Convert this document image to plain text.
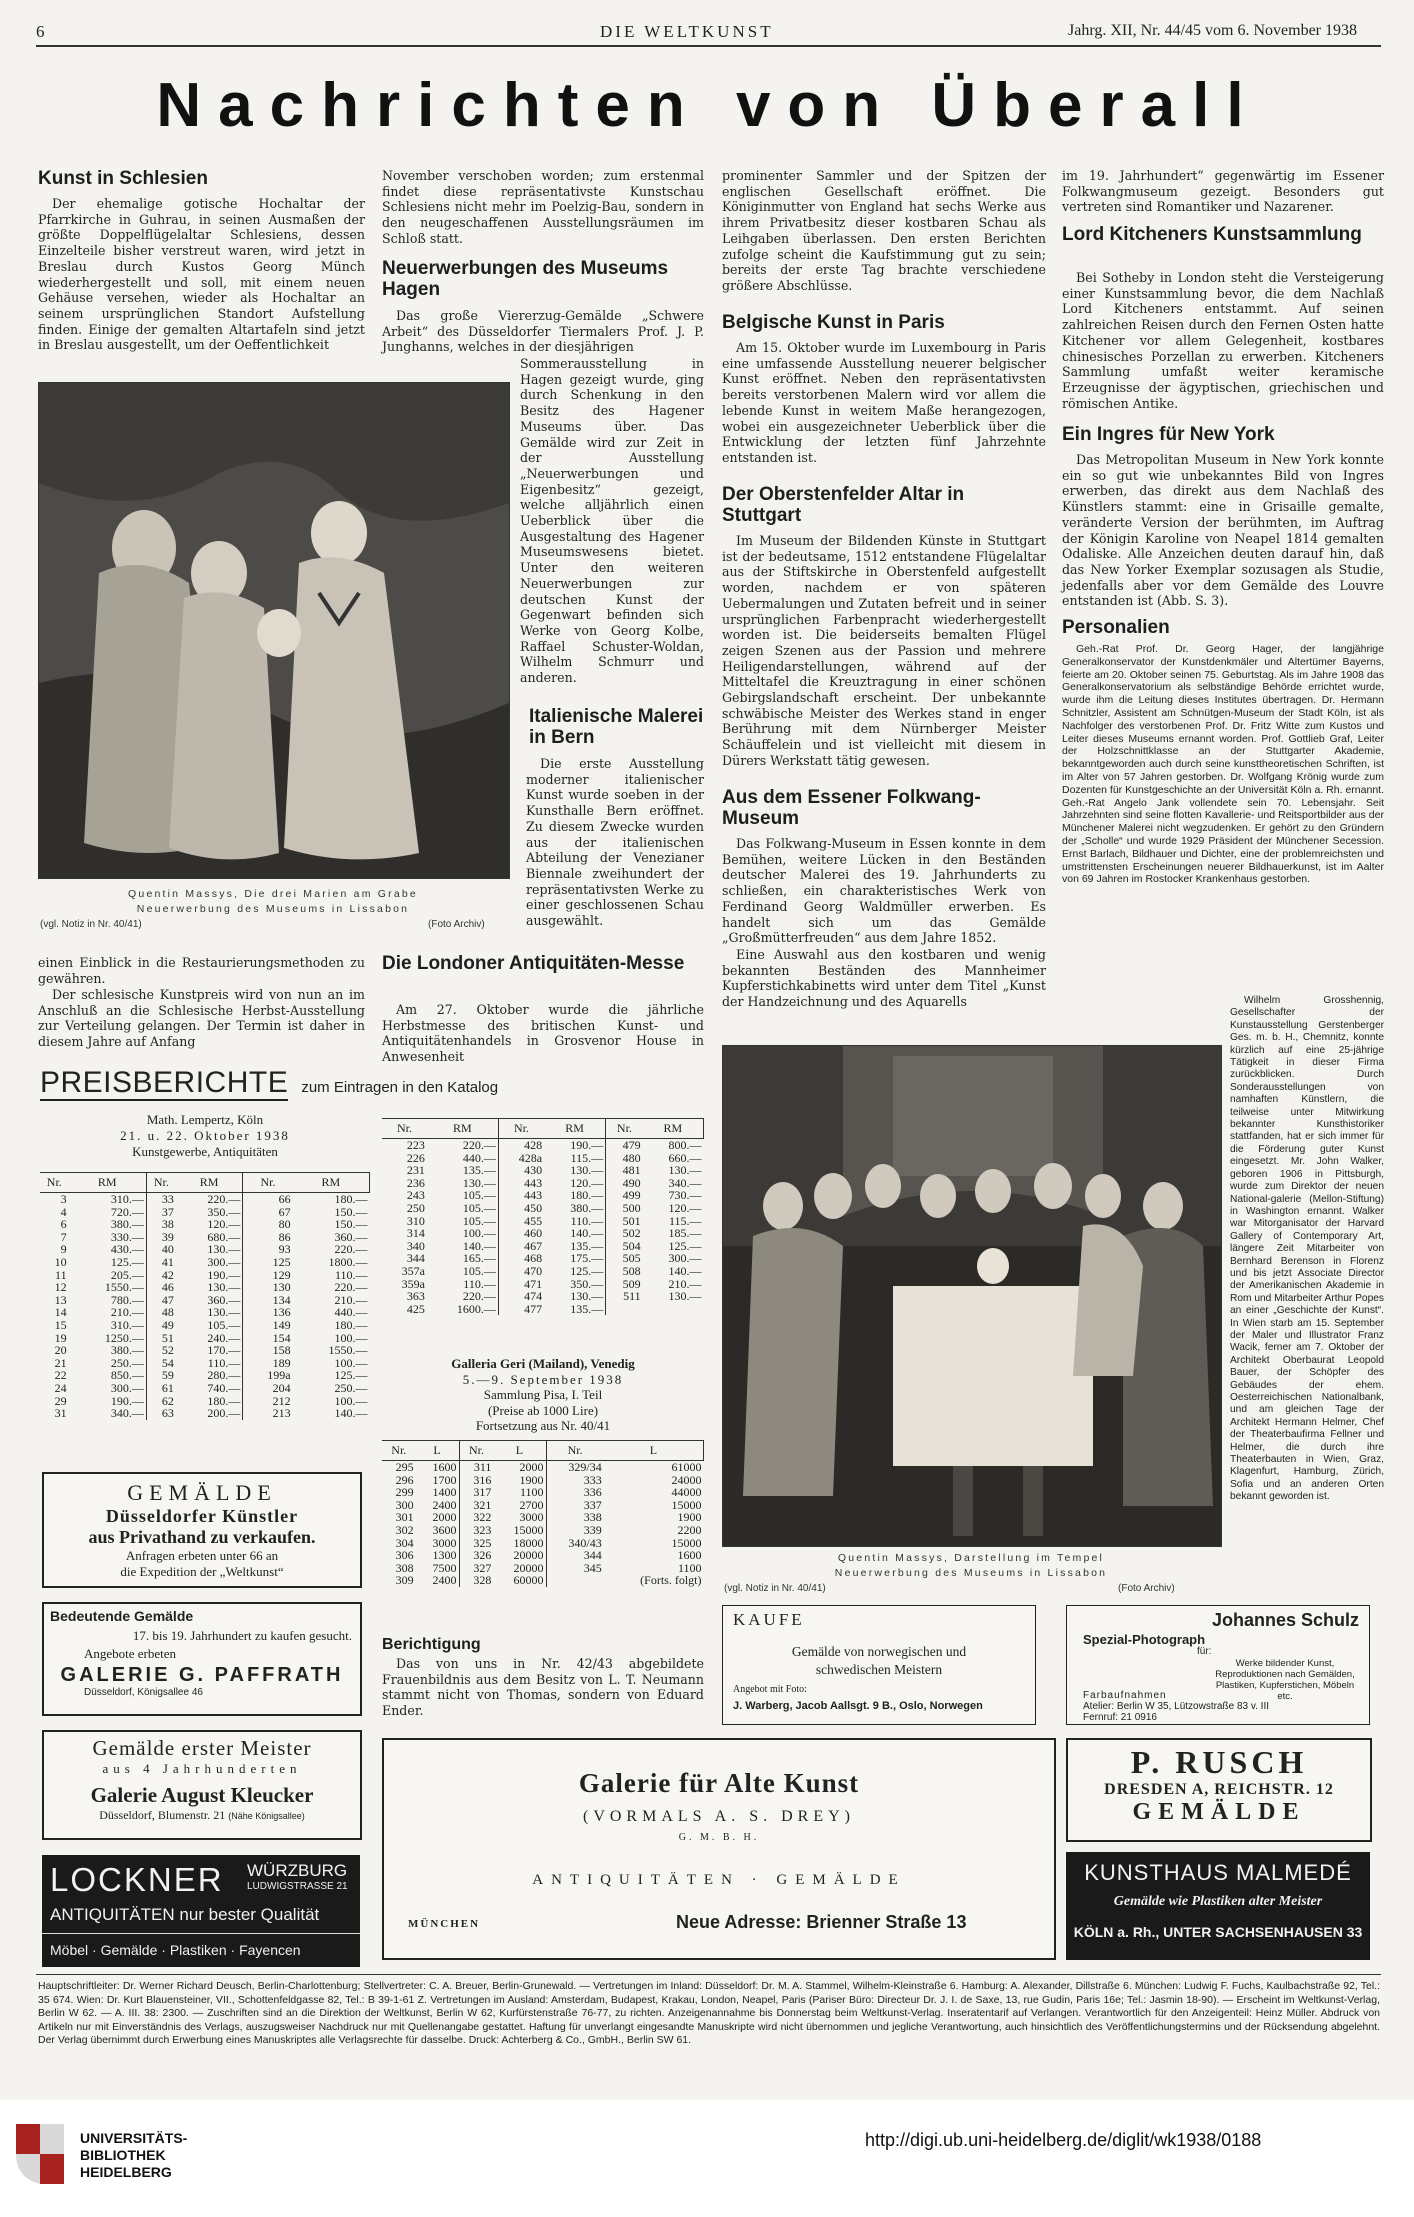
6	DIE WELTKUNST	Jahrg. XII, Nr. 44/45 vom 6. November 1938
Nachrichten von Überall
Kunst in Schlesien
Der ehemalige gotische Hochaltar der Pfarrkirche in Guhrau, in seinen Ausmaßen der größte Doppelflügelaltar Schlesiens, dessen Einzelteile bisher verstreut waren, wird jetzt in Breslau durch Kustos Georg Münch wiederhergestellt und soll, mit einem neuen Gehäuse versehen, wieder als Hochaltar an seinem ursprünglichen Standort Aufstellung finden. Einige der gemalten Altartafeln sind jetzt in Breslau ausgestellt, um der Oeffentlichkeit
Quentin Massys, Die drei Marien am Grabe
Neuerwerbung des Museums in Lissabon
(vgl. Notiz in Nr. 40/41)	(Foto Archiv)
einen Einblick in die Restaurierungsmethoden zu gewähren.
Der schlesische Kunstpreis wird von nun an im Anschluß an die Schlesische Herbst-Ausstellung zur Verteilung gelangen. Der Termin ist daher in diesem Jahre auf Anfang
November verschoben worden; zum erstenmal findet diese repräsentativste Kunstschau Schlesiens nicht mehr im Poelzig-Bau, sondern in den neugeschaffenen Ausstellungsräumen im Schloß statt.
Neuerwerbungen des Museums Hagen
Das große Viererzug-Gemälde „Schwere Arbeit“ des Düsseldorfer Tiermalers Prof. J. P. Junghanns, welches in der diesjährigen
Sommerausstellung in Hagen gezeigt wurde, ging durch Schenkung in den Besitz des Hagener Museums über. Das Gemälde wird zur Zeit in der Ausstellung „Neuerwerbungen und Eigenbesitz“ gezeigt, welche alljährlich einen Ueberblick über die Ausgestaltung des Hagener Museumswesens bietet. Unter den weiteren Neuerwerbungen zur deutschen Kunst der Gegenwart befinden sich Werke von Georg Kolbe, Raffael Schuster-Woldan, Wilhelm Schmurr und anderen.
Italienische Malerei in Bern
Die erste Ausstellung moderner italienischer Kunst wurde soeben in der Kunsthalle Bern eröffnet. Zu diesem Zwecke wurden aus der italienischen Abteilung der Venezianer Biennale zweihundert der repräsentativsten Werke zu einer geschlossenen Schau ausgewählt.
Die Londoner Antiquitäten-Messe
Am 27. Oktober wurde die jährliche Herbstmesse des britischen Kunst- und Antiquitätenhandels in Grosvenor House in Anwesenheit
prominenter Sammler und der Spitzen der englischen Gesellschaft eröffnet. Die Königinmutter von England hat sechs Werke aus ihrem Privatbesitz dieser kostbaren Schau als Leihgaben überlassen. Den ersten Berichten zufolge scheint die Kaufstimmung gut zu sein; bereits der erste Tag brachte verschiedene größere Abschlüsse.
Belgische Kunst in Paris
Am 15. Oktober wurde im Luxembourg in Paris eine umfassende Ausstellung neuerer belgischer Kunst eröffnet. Neben den repräsentativsten bereits verstorbenen Malern wird vor allem die lebende Kunst in weitem Maße herangezogen, wobei ein ausgezeichneter Ueberblick über die Entwicklung der letzten fünf Jahrzehnte entstanden ist.
Der Oberstenfelder Altar in Stuttgart
Im Museum der Bildenden Künste in Stuttgart ist der bedeutsame, 1512 entstandene Flügelaltar aus der Stiftskirche in Oberstenfeld aufgestellt worden, nachdem er von späteren Uebermalungen und Zutaten befreit und in seiner ursprünglichen Farbenpracht wiederhergestellt worden ist. Die beiderseits bemalten Flügel zeigen Szenen aus der Passion und mehrere Heiligendarstellungen, während auf der Mitteltafel die Kreuztragung in einer schönen Gebirgslandschaft erscheint. Der unbekannte schwäbische Meister des Werkes stand in enger Berührung mit dem Nürnberger Meister Schäuffelein und ist vielleicht mit diesem in Dürers Werkstatt tätig gewesen.
Aus dem Essener Folkwang-Museum
Das Folkwang-Museum in Essen konnte in dem Bemühen, weitere Lücken in den Beständen deutscher Malerei des 19. Jahrhunderts zu schließen, ein charakteristisches Werk von Ferdinand Georg Waldmüller erwerben. Es handelt sich um das Gemälde „Großmütterfreuden“ aus dem Jahre 1852.
Eine Auswahl aus den kostbaren und wenig bekannten Beständen des Mannheimer Kupferstichkabinetts wird unter dem Titel „Kunst der Handzeichnung und des Aquarells
im 19. Jahrhundert“ gegenwärtig im Essener Folkwangmuseum gezeigt. Besonders gut vertreten sind Romantiker und Nazarener.
Lord Kitcheners Kunstsammlung
Bei Sotheby in London steht die Versteigerung einer Kunstsammlung bevor, die dem Nachlaß Lord Kitcheners entstammt. Auf seinen zahlreichen Reisen durch den Fernen Osten hatte Kitchener vor allem Gelegenheit, kostbares chinesisches Porzellan zu erwerben. Kitcheners Sammlung umfaßt weiter keramische Erzeugnisse der ägyptischen, griechischen und römischen Antike.
Ein Ingres für New York
Das Metropolitan Museum in New York konnte ein so gut wie unbekanntes Bild von Ingres erwerben, das direkt aus dem Nachlaß des Künstlers stammt: eine in Grisaille gemalte, veränderte Version der berühmten, im Auftrag der Königin Karoline von Neapel 1814 gemalten Odaliske. Alle Anzeichen deuten darauf hin, daß das New Yorker Exemplar sozusagen als Studie, jedenfalls aber vor dem Gemälde des Louvre entstanden ist (Abb. S. 3).
Personalien
Geh.-Rat Prof. Dr. Georg Hager, der langjährige Generalkonservator der Kunstdenkmäler und Altertümer Bayerns, feierte am 20. Oktober seinen 75. Geburtstag. Als im Jahre 1908 das Generalkonservatorium als selbständige Behörde errichtet wurde, wurde ihm die Leitung dieses Institutes übertragen. Dr. Hermann Schnitzler, Assistent am Schnütgen-Museum der Stadt Köln, ist als Nachfolger des verstorbenen Prof. Dr. Fritz Witte zum Kustos und Leiter dieses Museums ernannt worden. Prof. Gottlieb Graf, Leiter der Holzschnittklasse an der Stuttgarter Akademie, bekanntgeworden auch durch seine kunsttheoretischen Schriften, ist im Alter von 57 Jahren gestorben. Dr. Wolfgang Krönig wurde zum Dozenten für Kunstgeschichte an der Universität Köln a. Rh. ernannt. Geh.-Rat Angelo Jank vollendete sein 70. Lebensjahr. Seit Jahrzehnten sind seine flotten Kavallerie- und Reitsportbilder aus der Münchener Malerei nicht wegzudenken. Er gehört zu den Gründern der „Scholle“ und wurde 1929 Präsident der Münchener Secession. Ernst Barlach, Bildhauer und Dichter, eine der problemreichsten und umstrittensten Erscheinungen neuerer Bildhauerkunst, ist im Aalter von 69 Jahren im Rostocker Krankenhaus gestorben.
Wilhelm Grosshennig, Gesellschafter der Kunstausstellung Gerstenberger Ges. m. b. H., Chemnitz, konnte kürzlich auf eine 25-jährige Tätigkeit in dieser Firma zurückblicken. Durch Sonderausstellungen von namhaften Künstlern, die teilweise unter Mitwirkung bekannter Kunsthistoriker stattfanden, hat er sich immer für die Förderung guter Kunst eingesetzt. Mr. John Walker, geboren 1906 in Pittsburgh, wurde zum Direktor der neuen National-galerie (Mellon-Stiftung) in Washington ernannt. Walker war Mitorganisator der Harvard Gallery of Contemporary Art, längere Zeit Mitarbeiter von Bernhard Berenson in Florenz und bis jetzt Associate Director der Amerikanischen Akademie in Rom und Mitarbeiter Arthur Popes an einer „Geschichte der Kunst“. In Wien starb am 15. September der Maler und Illustrator Franz Wacik, ferner am 7. Oktober der Architekt Oberbaurat Leopold Bauer, der Schöpfer des Gebäudes der ehem. Oesterreichischen Nationalbank, und am gleichen Tage der Architekt Hermann Helmer, Chef der Theaterbaufirma Fellner und Helmer, die durch ihre Theaterbauten in Wien, Graz, Klagenfurt, Hamburg, Zürich, Sofia und an anderen Orten bekannt geworden ist.
Quentin Massys, Darstellung im Tempel
Neuerwerbung des Museums in Lissabon
(vgl. Notiz in Nr. 40/41)	(Foto Archiv)
PREISBERICHTE zum Eintragen in den Katalog
Math. Lempertz, Köln
21. u. 22. Oktober 1938
Kunstgewerbe, Antiquitäten
Nr.	RM	Nr.	RM	Nr.	RM
3	310.—	33	220.—	66	180.—
4	720.—	37	350.—	67	150.—
6	380.—	38	120.—	80	150.—
7	330.—	39	680.—	86	360.—
9	430.—	40	130.—	93	220.—
10	125.—	41	300.—	125	1800.—
11	205.—	42	190.—	129	110.—
12	1550.—	46	130.—	130	220.—
13	780.—	47	360.—	134	210.—
14	210.—	48	130.—	136	440.—
15	310.—	49	105.—	149	180.—
19	1250.—	51	240.—	154	100.—
20	380.—	52	170.—	158	1550.—
21	250.—	54	110.—	189	100.—
22	850.—	59	280.—	199a	125.—
24	300.—	61	740.—	204	250.—
29	190.—	62	180.—	212	100.—
31	340.—	63	200.—	213	140.—
Nr.	RM	Nr.	RM	Nr.	RM
223	220.—	428	190.—	479	800.—
226	440.—	428a	115.—	480	660.—
231	135.—	430	130.—	481	130.—
236	130.—	443	120.—	490	340.—
243	105.—	443	180.—	499	730.—
250	105.—	450	380.—	500	120.—
310	105.—	455	110.—	501	115.—
314	100.—	460	140.—	502	185.—
340	140.—	467	135.—	504	125.—
344	165.—	468	175.—	505	300.—
357a	105.—	470	125.—	508	140.—
359a	110.—	471	350.—	509	210.—
363	220.—	474	130.—	511	130.—
425	1600.—	477	135.—		
Galleria Geri (Mailand), Venedig
5.—9. September 1938
Sammlung Pisa, I. Teil
(Preise ab 1000 Lire)
Fortsetzung aus Nr. 40/41
Nr.	L	Nr.	L	Nr.	L
295	1600	311	2000	329/34	61000
296	1700	316	1900	333	24000
299	1400	317	1100	336	44000
300	2400	321	2700	337	15000
301	2000	322	3000	338	1900
302	3600	323	15000	339	2200
304	3000	325	18000	340/43	15000
306	1300	326	20000	344	1600
308	7500	327	20000	345	1100
309	2400	328	60000		(Forts. folgt)
Berichtigung
Das von uns in Nr. 42/43 abgebildete Frauenbildnis aus dem Besitz von L. T. Neumann stammt nicht von Thomas, sondern von Eduard Ender.
GEMÄLDE
Düsseldorfer Künstler
aus Privathand zu verkaufen.
Anfragen erbeten unter 66 an
die Expedition der „Weltkunst“
Bedeutende Gemälde
17. bis 19. Jahrhundert zu kaufen gesucht.
Angebote erbeten
GALERIE G. PAFFRATH
Düsseldorf, Königsallee 46
Gemälde erster Meister
aus 4 Jahrhunderten
Galerie August Kleucker
Düsseldorf, Blumenstr. 21 (Nähe Königsallee)
LOCKNER WÜRZBURG
LUDWIGSTRASSE 21
ANTIQUITÄTEN nur bester Qualität
Möbel · Gemälde · Plastiken · Fayencen
KAUFE
Gemälde von norwegischen und
schwedischen Meistern
Angebot mit Foto:
J. Warberg, Jacob Aallsgt. 9 B., Oslo, Norwegen
Johannes Schulz
Spezial-Photograph
für:
Werke bildender Kunst, Reproduktionen nach Gemälden, Plastiken, Kupferstichen, Möbeln etc.
Farbaufnahmen
Atelier: Berlin W 35, Lützowstraße 83 v. III
Fernruf: 21 0916
Galerie für Alte Kunst
(VORMALS A. S. DREY)
G. M. B. H.
ANTIQUITÄTEN · GEMÄLDE
MÜNCHEN	Neue Adresse: Brienner Straße 13
P. RUSCH
DRESDEN A, REICHSTR. 12
GEMÄLDE
KUNSTHAUS MALMEDÉ
Gemälde wie Plastiken alter Meister
KÖLN a. Rh., UNTER SACHSENHAUSEN 33
Hauptschriftleiter: Dr. Werner Richard Deusch, Berlin-Charlottenburg; Stellvertreter: C. A. Breuer, Berlin-Grunewald. — Vertretungen im Inland: Düsseldorf: Dr. M. A. Stammel, Wilhelm-Kleinstraße 6. Hamburg: A. Alexander, Dillstraße 6. München: Ludwig F. Fuchs, Kaulbachstraße 92, Tel.: 35 674. Wien: Dr. Kurt Blauensteiner, VII., Schottenfeldgasse 82, Tel.: B 39-1-61 Z. Vertretungen im Ausland: Amsterdam, Budapest, Krakau, London, Neapel, Paris (Pariser Büro: Directeur Dr. J. I. de Saxe, 13, rue Gudin, Paris 16e; Tel.: Jasmin 18-90). — Erscheint im Weltkunst-Verlag, Berlin W 62. — A. III. 38: 2300. — Zuschriften sind an die Direktion der Weltkunst, Berlin W 62, Kurfürstenstraße 76-77, zu richten. Anzeigenannahme bis Donnerstag beim Weltkunst-Verlag. Inseratentarif auf Verlangen. Verantwortlich für den Anzeigenteil: Heinz Müller. Abdruck von Artikeln nur mit Einverständnis des Verlags, auszugsweiser Nachdruck nur mit Quellenangabe gestattet. Haftung für unverlangt eingesandte Manuskripte wird nicht übernommen und jegliche Verantwortung, auch hinsichtlich des Veröffentlichungstermins und der Rücksendung abgelehnt. Der Verlag übernimmt durch Erwerbung eines Manuskriptes alle Verlagsrechte für dasselbe. Druck: Achterberg & Co., GmbH., Berlin SW 61.
UNIVERSITÄTS-
BIBLIOTHEK
HEIDELBERG
http://digi.ub.uni-heidelberg.de/diglit/wk1938/0188
